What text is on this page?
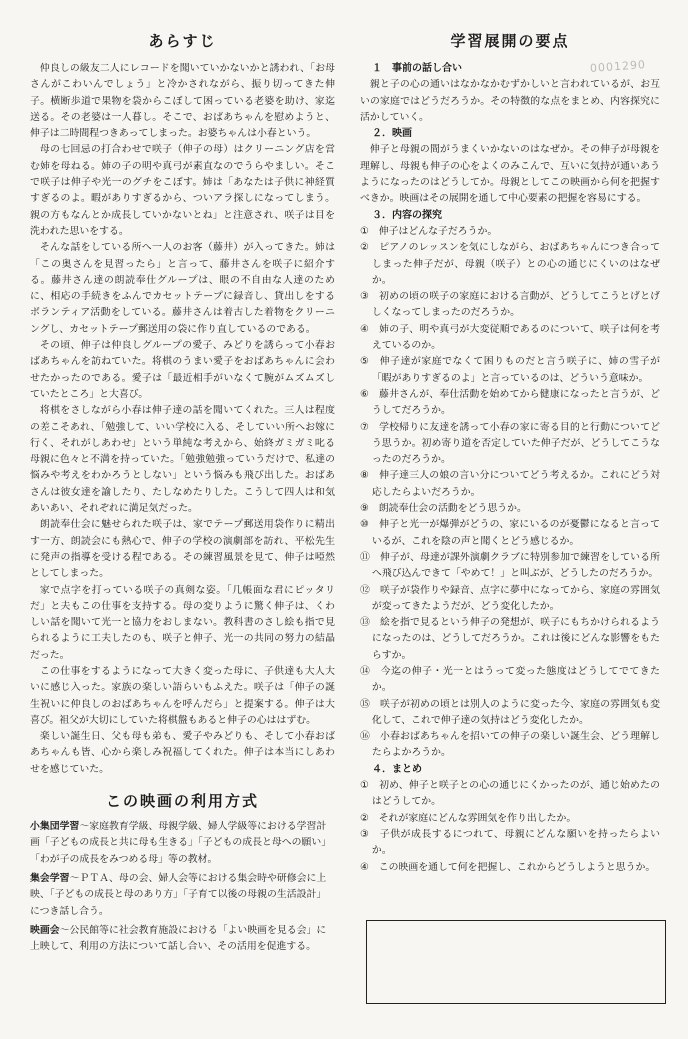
0001290
あらすじ

仲良しの級友二人にレコードを聞いていかないかと誘われ、「お母さんがこわいんでしょう」と冷かされながら、振り切ってきた伸子。横断歩道で果物を袋からこぼして困っている老婆を助け、家迄送る。その老婆は一人暮し。そこで、おばあちゃんを慰めようと、伸子は二時間程つきあってしまった。お婆ちゃんは小春という。

母の七回忌の打合わせで咲子（伸子の母）はクリーニング店を営む姉を母ねる。姉の子の明や真弓が素直なのでうらやましい。そこで咲子は伸子や光一のグチをこぼす。姉は「あなたは子供に神経質すぎるのよ。暇がありすぎるから、ついアラ探しになってしまう。親の方もなんとか成長していかないとね」と注意され、咲子は目を洗われた思いをする。

そんな話をしている所へ一人のお客（藤井）が入ってきた。姉は「この奥さんを見習ったら」と言って、藤井さんを咲子に紹介する。藤井さん達の朗読奉仕グループは、眼の不自由な人達のために、相応の手続きをふんでカセットテープに録音し、貸出しをするボランティア活動をしている。藤井さんは着古した着物をクリーニングし、カセットテープ郵送用の袋に作り直しているのである。

その頃、伸子は仲良しグループの愛子、みどりを誘らって小春おばあちゃんを訪ねていた。将棋のうまい愛子をおばあちゃんに会わせたかったのである。愛子は「最近相手がいなくて腕がムズムズしていたところ」と大喜び。

将棋をさしながら小春は伸子達の話を聞いてくれた。三人は程度の差こそあれ、「勉強して、いい学校に入る、そしていい所へお嫁に行く、それがしあわせ」という単純な考えから、始終ガミガミ叱る母親に色々と不満を持っていた。「勉強勉強っていうだけで、私達の悩みや考えをわかろうとしない」という悩みも飛び出した。おばあさんは彼女達を諭したり、たしなめたりした。こうして四人は和気あいあい、それぞれに満足気だった。

朗読奉仕会に魅せられた咲子は、家でテープ郵送用袋作りに精出す一方、朗読会にも熱心で、伸子の学校の演劇部を訪れ、平松先生に発声の指導を受ける程である。その練習風景を見て、伸子は啞然としてしまった。

家で点字を打っている咲子の真剣な姿。「几帳面な君にピッタリだ」と夫もこの仕事を支持する。母の変りように驚く伸子は、くわしい話を聞いて光一と協力をおしまない。教科書のさし絵も指で見られるように工夫したのも、咲子と伸子、光一の共同の努力の結晶だった。

この仕事をするようになって大きく変った母に、子供達も大人大いに感じ入った。家族の楽しい語らいもふえた。咲子は「伸子の誕生祝いに仲良しのおばあちゃんを呼んだら」と提案する。伸子は大喜び。祖父が大切にしていた将棋盤もあると伸子の心ははずむ。

楽しい誕生日、父も母も弟も、愛子やみどりも、そして小春おばあちゃんも皆、心から楽しみ祝福してくれた。伸子は本当にしあわせを感じていた。

この映画の利用方式

小集団学習～家庭教育学級、母親学級、婦人学級等における学習計画「子どもの成長と共に母も生きる」「子どもの成長と母への願い」「わが子の成長をみつめる母」等の教材。

集会学習～ＰＴＡ、母の会、婦人会等における集会時や研修会に上映、「子どもの成長と母のあり方」「子育て以後の母親の生活設計」につき話し合う。

映画会～公民館等に社会教育施設における「よい映画を見る会」に上映して、利用の方法について話し合い、その活用を促進する。

学習展開の要点

１　事前の話し合い

親と子の心の通いはなかなかむずかしいと言われているが、お互いの家庭ではどうだろうか。その特徴的な点をまとめ、内容探究に活かしていく。

２．映画

伸子と母親の間がうまくいかないのはなぜか。その伸子が母親を理解し、母親も伸子の心をよくのみこんで、互いに気持が通いあうようになったのはどうしてか。母親としてこの映画から何を把握すべきか。映画はその展開を通して中心要素の把握を容易にする。

３．内容の探究

①　伸子はどんな子だろうか。

②　ピアノのレッスンを気にしながら、おばあちゃんにつき合ってしまった伸子だが、母親（咲子）との心の通じにくいのはなぜか。

③　初めの頃の咲子の家庭における言動が、どうしてこうとげとげしくなってしまったのだろうか。

④　姉の子、明や真弓が大変従順であるのについて、咲子は何を考えているのか。

⑤　伸子達が家庭でなくて困りものだと言う咲子に、姉の雪子が「暇がありすぎるのよ」と言っているのは、どういう意味か。

⑥　藤井さんが、奉仕活動を始めてから健康になったと言うが、どうしてだろうか。

⑦　学校帰りに友達を誘って小春の家に寄る目的と行動についてどう思うか。初め寄り道を否定していた伸子だが、どうしてこうなったのだろうか。

⑧　伸子達三人の娘の言い分についてどう考えるか。これにどう対応したらよいだろうか。

⑨　朗読奉仕会の活動をどう思うか。

⑩　伸子と光一が爆弾がどうの、家にいるのが憂鬱になると言っているが、これを陰の声と聞くとどう感じるか。

⑪　伸子が、母達が課外演劇クラブに特別参加で練習をしている所へ飛び込んできて「やめて！」と叫ぶが、どうしたのだろうか。

⑫　咲子が袋作りや録音、点字に夢中になってから、家庭の雰囲気が変ってきたようだが、どう変化したか。

⑬　絵を指で見るという伸子の発想が、咲子にもちかけられるようになったのは、どうしてだろうか。これは後にどんな影響をもたらすか。

⑭　今迄の伸子・光一とはうって変った態度はどうしてでてきたか。

⑮　咲子が初めの頃とは別人のように変った今、家庭の雰囲気も変化して、これで伸子達の気持はどう変化したか。

⑯　小春おばあちゃんを招いての伸子の楽しい誕生会、どう理解したらよかろうか。

４．まとめ

①　初め、伸子と咲子との心の通じにくかったのが、通じ始めたのはどうしてか。

②　それが家庭にどんな雰囲気を作り出したか。

③　子供が成長するにつれて、母親にどんな願いを持ったらよいか。

④　この映画を通して何を把握し、これからどうしようと思うか。
